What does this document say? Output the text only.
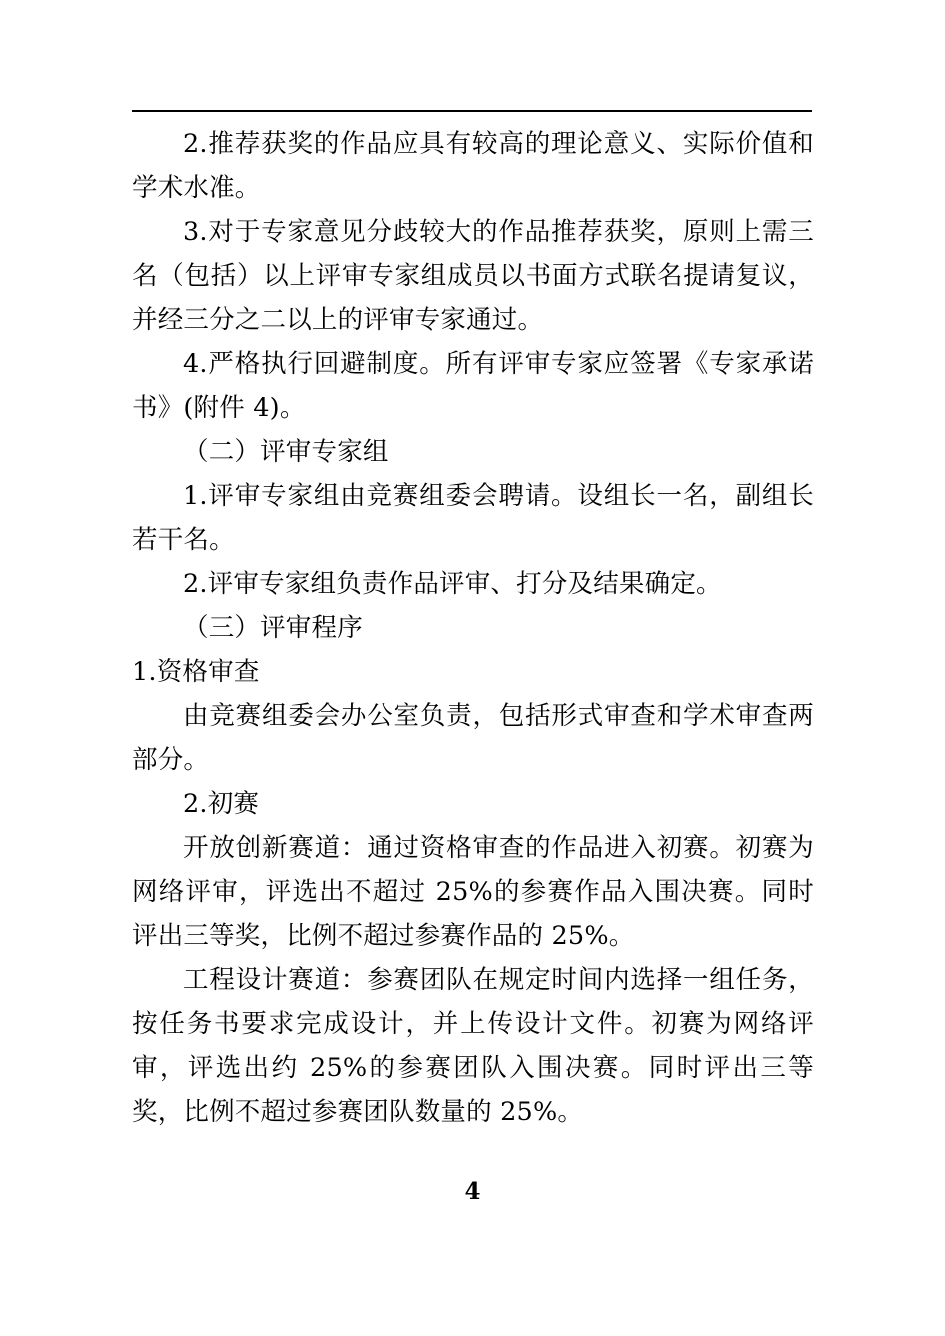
2.推荐获奖的作品应具有较高的理论意义、实际价值和学术水准。

3.对于专家意见分歧较大的作品推荐获奖，原则上需三名（包括）以上评审专家组成员以书面方式联名提请复议，并经三分之二以上的评审专家通过。

4.严格执行回避制度。所有评审专家应签署《专家承诺书》(附件 4)。

（二）评审专家组

1.评审专家组由竞赛组委会聘请。设组长一名，副组长若干名。

2.评审专家组负责作品评审、打分及结果确定。

（三）评审程序

1.资格审查

由竞赛组委会办公室负责，包括形式审查和学术审查两部分。

2.初赛

开放创新赛道：通过资格审查的作品进入初赛。初赛为网络评审，评选出不超过 25%的参赛作品入围决赛。同时评出三等奖，比例不超过参赛作品的 25%。

工程设计赛道：参赛团队在规定时间内选择一组任务，按任务书要求完成设计，并上传设计文件。初赛为网络评审，评选出约 25%的参赛团队入围决赛。同时评出三等奖，比例不超过参赛团队数量的 25%。

4
